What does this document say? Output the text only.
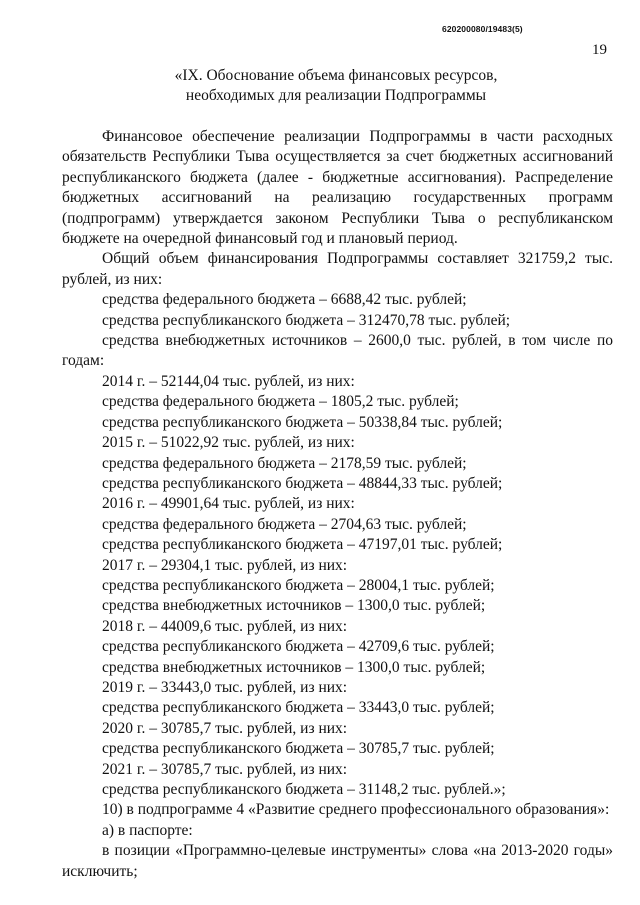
620200080/19483(5)
19
«IX. Обоснование объема финансовых ресурсов,
необходимых для реализации Подпрограммы

Финансовое обеспечение реализации Подпрограммы в части расходных обязательств Республики Тыва осуществляется за счет бюджетных ассигнований республиканского бюджета (далее - бюджетные ассигнования). Распределение бюджетных ассигнований на реализацию государственных программ (подпрограмм) утверждается законом Республики Тыва о республиканском бюджете на очередной финансовый год и плановый период.

Общий объем финансирования Подпрограммы составляет 321759,2 тыс. рублей, из них:

средства федерального бюджета – 6688,42 тыс. рублей;
средства республиканского бюджета – 312470,78 тыс. рублей;

средства внебюджетных источников – 2600,0 тыс. рублей, в том числе по годам:

2014 г. – 52144,04 тыс. рублей, из них:
средства федерального бюджета – 1805,2 тыс. рублей;
средства республиканского бюджета – 50338,84 тыс. рублей;
2015 г. – 51022,92 тыс. рублей, из них:
средства федерального бюджета – 2178,59 тыс. рублей;
средства республиканского бюджета – 48844,33 тыс. рублей;
2016 г. – 49901,64 тыс. рублей, из них:
средства федерального бюджета – 2704,63 тыс. рублей;
средства республиканского бюджета – 47197,01 тыс. рублей;
2017 г. – 29304,1 тыс. рублей, из них:
средства республиканского бюджета – 28004,1 тыс. рублей;
средства внебюджетных источников – 1300,0 тыс. рублей;
2018 г. – 44009,6 тыс. рублей, из них:
средства республиканского бюджета – 42709,6 тыс. рублей;
средства внебюджетных источников – 1300,0 тыс. рублей;
2019 г. – 33443,0 тыс. рублей, из них:
средства республиканского бюджета – 33443,0 тыс. рублей;
2020 г. – 30785,7 тыс. рублей, из них:
средства республиканского бюджета – 30785,7 тыс. рублей;
2021 г. – 30785,7 тыс. рублей, из них:
средства республиканского бюджета – 31148,2 тыс. рублей.»;
10) в подпрограмме 4 «Развитие среднего профессионального образования»:
а) в паспорте:

в позиции «Программно-целевые инструменты» слова «на 2013-2020 годы» исключить;
